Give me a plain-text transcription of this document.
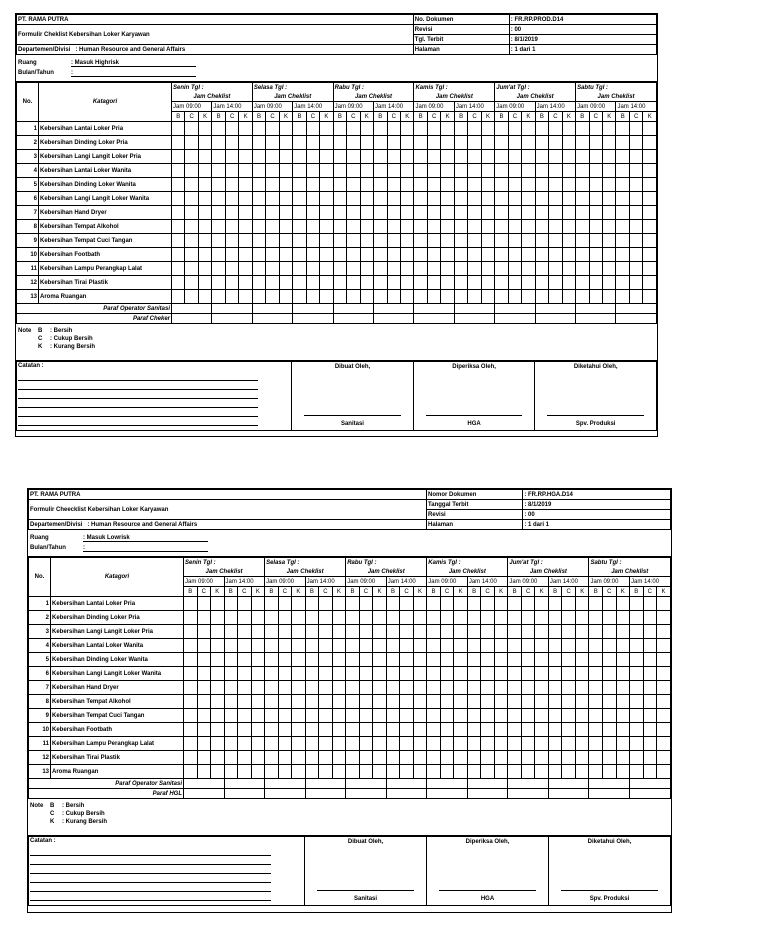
PT. RAMA PUTRA	No. Dokumen	: FR.RP.PROD.D14
Formulir Cheklist Kebersihan Loker Karyawan	Revisi	: 00
	Tgl. Terbit	: 8/1/2019
Departemen/Divisi : Human Resource and General Affairs	Halaman	: 1 dari 1
Ruang	: Masuk Highrisk
Bulan/Tahun	:
No.	Katagori	Senin Tgl :						Selasa Tgl :						Rabu Tgl :						Kamis Tgl :						Jum'at Tgl :						Sabtu Tgl :					
		Jam Cheklist						Jam Cheklist						Jam Cheklist						Jam Cheklist						Jam Cheklist						Jam Cheklist					
		Jam 09:00			Jam 14:00			Jam 09:00			Jam 14:00			Jam 09:00			Jam 14:00			Jam 09:00			Jam 14:00			Jam 09:00			Jam 14:00			Jam 09:00			Jam 14:00		
		B	C	K	B	C	K	B	C	K	B	C	K	B	C	K	B	C	K	B	C	K	B	C	K	B	C	K	B	C	K	B	C	K	B	C	K
1	Kebersihan Lantai Loker Pria																																				
2	Kebersihan Dinding Loker Pria																																				
3	Kebersihan Langi Langit Loker Pria																																				
4	Kebersihan Lantai Loker Wanita																																				
5	Kebersihan Dinding Loker Wanita																																				
6	Kebersihan Langi Langit Loker Wanita																																				
7	Kebersihan Hand Dryer																																				
8	Kebersihan Tempat Alkohol																																				
9	Kebersihan Tempat Cuci Tangan																																				
10	Kebersihan Footbath																																				
11	Kebersihan Lampu Perangkap Lalat																																				
12	Kebersihan Tirai Plastik																																				
13	Aroma Ruangan																																				
Paraf Operator Sanitasi																																					
Paraf Cheker																																					
Note B : Bersih
C : Cukup Bersih
K : Kurang Bersih
Catatan :	Dibuat Oleh,
Sanitasi

Diperiksa Oleh,
HGA

Diketahui Oleh,
Spv. Produksi
PT. RAMA PUTRA	Nomor Dokumen	: FR.RP.HGA.D14
Formulir Cheecklist Kebersihan Loker Karyawan	Tanggal Terbit	: 8/1/2019
	Revisi	: 00
Departemen/Divisi : Human Resource and General Affairs	Halaman	: 1 dari 1
Ruang	: Masuk Lowrisk
Bulan/Tahun	:
No.	Katagori	Senin Tgl :						Selasa Tgl :						Rabu Tgl :						Kamis Tgl :						Jum'at Tgl :						Sabtu Tgl :					
		Jam Cheklist						Jam Cheklist						Jam Cheklist						Jam Cheklist						Jam Cheklist						Jam Cheklist					
		Jam 09:00			Jam 14:00			Jam 09:00			Jam 14:00			Jam 09:00			Jam 14:00			Jam 09:00			Jam 14:00			Jam 09:00			Jam 14:00			Jam 09:00			Jam 14:00		
		B	C	K	B	C	K	B	C	K	B	C	K	B	C	K	B	C	K	B	C	K	B	C	K	B	C	K	B	C	K	B	C	K	B	C	K
1	Kebersihan Lantai Loker Pria																																				
2	Kebersihan Dinding Loker Pria																																				
3	Kebersihan Langi Langit Loker Pria																																				
4	Kebersihan Lantai Loker Wanita																																				
5	Kebersihan Dinding Loker Wanita																																				
6	Kebersihan Langi Langit Loker Wanita																																				
7	Kebersihan Hand Dryer																																				
8	Kebersihan Tempat Alkohol																																				
9	Kebersihan Tempat Cuci Tangan																																				
10	Kebersihan Footbath																																				
11	Kebersihan Lampu Perangkap Lalat																																				
12	Kebersihan Tirai Plastik																																				
13	Aroma Ruangan																																				
Paraf Operator Sanitasi																																					
Paraf HGL																																					
Note B : Bersih
C : Cukup Bersih
K : Kurang Bersih
Catatan :	Dibuat Oleh,
Sanitasi

Diperiksa Oleh,
HGA

Diketahui Oleh,
Spv. Produksi
